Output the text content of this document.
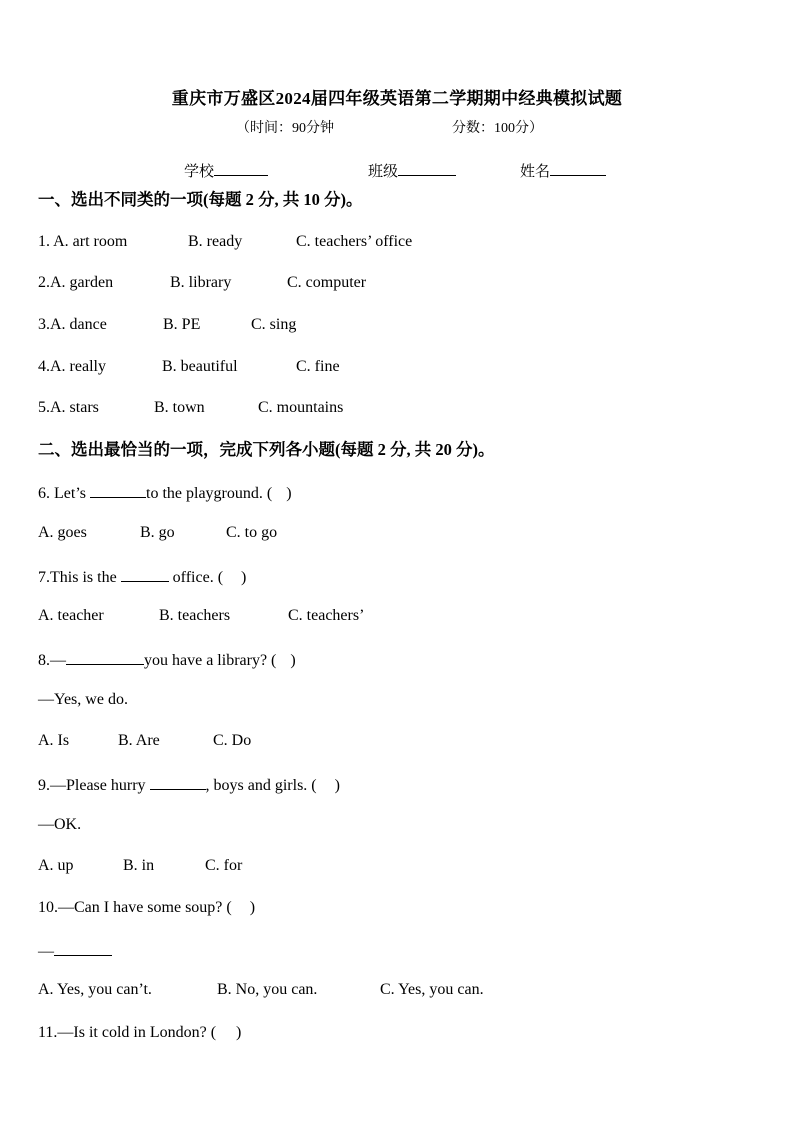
重庆市万盛区2024届四年级英语第二学期期中经典模拟试题
（时间：90分钟	分数：100分）
学校	班级	姓名
一、选出不同类的一项(每题 2 分, 共 10 分)。
1. A. art room	B. ready	C. teachers’ office
2.A. garden	B. library	C. computer
3.A. dance	B. PE	C. sing
4.A. really	B. beautiful	C. fine
5.A. stars	B. town	C. mountains
二、选出最恰当的一项，完成下列各小题(每题 2 分, 共 20 分)。
6. Let’s	to the playground. ( )
A. goes	B. go	C. to go
7.This is the	office. ( )
A. teacher	B. teachers	C. teachers’
8.—	you have a library? ( )
—Yes, we do.
A. Is	B. Are	C. Do
9.—Please hurry	, boys and girls. ( )
—OK.
A. up	B. in	C. for
10.—Can I have some soup? ( )
—
A. Yes, you can’t.	B. No, you can.	C. Yes, you can.
11.—Is it cold in London? ( )
